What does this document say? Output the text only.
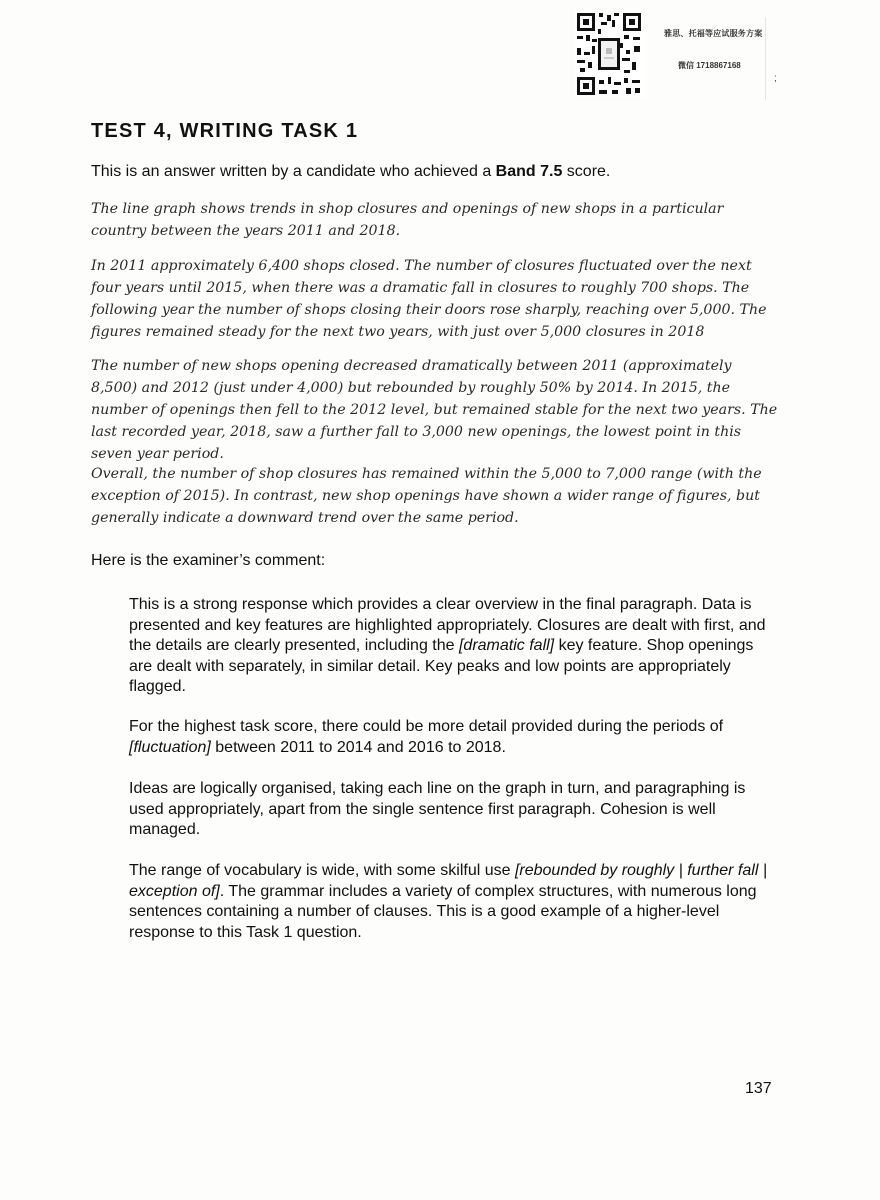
雅思、托福等应试服务方案
微信 1718867168
;
TEST 4, WRITING TASK 1
This is an answer written by a candidate who achieved a Band 7.5 score.

The line graph shows trends in shop closures and openings of new shops in a particular country between the years 2011 and 2018.

In 2011 approximately 6,400 shops closed. The number of closures fluctuated over the next four years until 2015, when there was a dramatic fall in closures to roughly 700 shops. The following year the number of shops closing their doors rose sharply, reaching over 5,000. The figures remained steady for the next two years, with just over 5,000 closures in 2018

The number of new shops opening decreased dramatically between 2011 (approximately 8,500) and 2012 (just under 4,000) but rebounded by roughly 50% by 2014. In 2015, the number of openings then fell to the 2012 level, but remained stable for the next two years. The last recorded year, 2018, saw a further fall to 3,000 new openings, the lowest point in this seven year period.

Overall, the number of shop closures has remained within the 5,000 to 7,000 range (with the exception of 2015). In contrast, new shop openings have shown a wider range of figures, but generally indicate a downward trend over the same period.

Here is the examiner’s comment:

This is a strong response which provides a clear overview in the final paragraph. Data is presented and key features are highlighted appropriately. Closures are dealt with first, and the details are clearly presented, including the [dramatic fall] key feature. Shop openings are dealt with separately, in similar detail. Key peaks and low points are appropriately flagged.

For the highest task score, there could be more detail provided during the periods of [fluctuation] between 2011 to 2014 and 2016 to 2018.

Ideas are logically organised, taking each line on the graph in turn, and paragraphing is used appropriately, apart from the single sentence first paragraph. Cohesion is well managed.

The range of vocabulary is wide, with some skilful use [rebounded by roughly | further fall | exception of]. The grammar includes a variety of complex structures, with numerous long sentences containing a number of clauses. This is a good example of a higher-level response to this Task 1 question.

137
